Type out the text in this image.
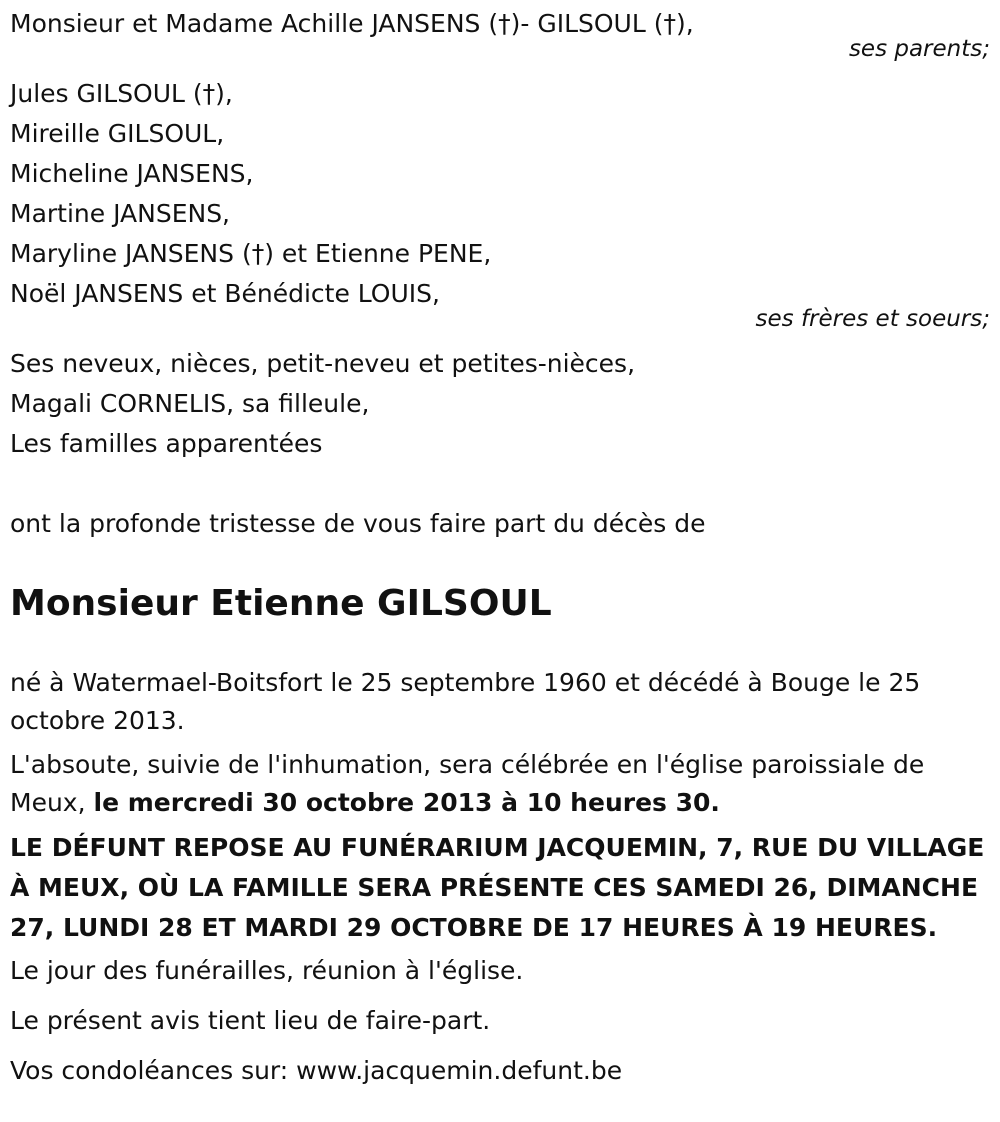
Monsieur et Madame Achille JANSENS (†)- GILSOUL (†),
ses parents;
Jules GILSOUL (†),
Mireille GILSOUL,
Micheline JANSENS,
Martine JANSENS,
Maryline JANSENS (†) et Etienne PENE,
Noël JANSENS et Bénédicte LOUIS,
ses frères et soeurs;
Ses neveux, nièces, petit-neveu et petites-nièces,
Magali CORNELIS, sa filleule,
Les familles apparentées
ont la profonde tristesse de vous faire part du décès de
Monsieur Etienne GILSOUL
né à Watermael-Boitsfort le 25 septembre 1960 et décédé à Bouge le 25 octobre 2013.
L'absoute, suivie de l'inhumation, sera célébrée en l'église paroissiale de Meux, le mercredi 30 octobre 2013 à 10 heures 30.
LE DÉFUNT REPOSE AU FUNÉRARIUM JACQUEMIN, 7, RUE DU VILLAGE À MEUX, OÙ LA FAMILLE SERA PRÉSENTE CES SAMEDI 26, DIMANCHE 27, LUNDI 28 ET MARDI 29 OCTOBRE DE 17 HEURES À 19 HEURES.
Le jour des funérailles, réunion à l'église.
Le présent avis tient lieu de faire-part.
Vos condoléances sur: www.jacquemin.defunt.be
